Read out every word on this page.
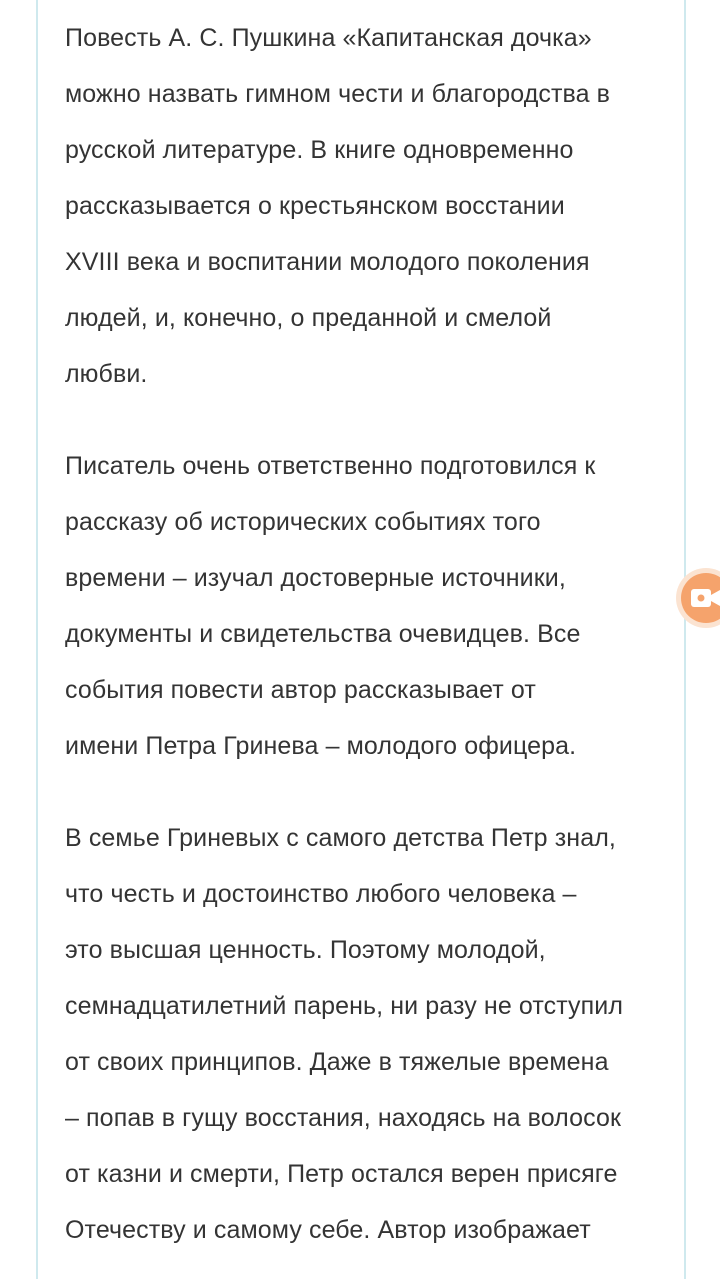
Повесть А. С. Пушкина «Капитанская дочка»
можно назвать гимном чести и благородства в
русской литературе. В книге одновременно
рассказывается о крестьянском восстании
XVIII века и воспитании молодого поколения
людей, и, конечно, о преданной и смелой
любви.

Писатель очень ответственно подготовился к
рассказу об исторических событиях того
времени – изучал достоверные источники,
документы и свидетельства очевидцев. Все
события повести автор рассказывает от
имени Петра Гринева – молодого офицера.

В семье Гриневых с самого детства Петр знал,
что честь и достоинство любого человека –
это высшая ценность. Поэтому молодой,
семнадцатилетний парень, ни разу не отступил
от своих принципов. Даже в тяжелые времена
– попав в гущу восстания, находясь на волосок
от казни и смерти, Петр остался верен присяге
Отечеству и самому себе. Автор изображает
